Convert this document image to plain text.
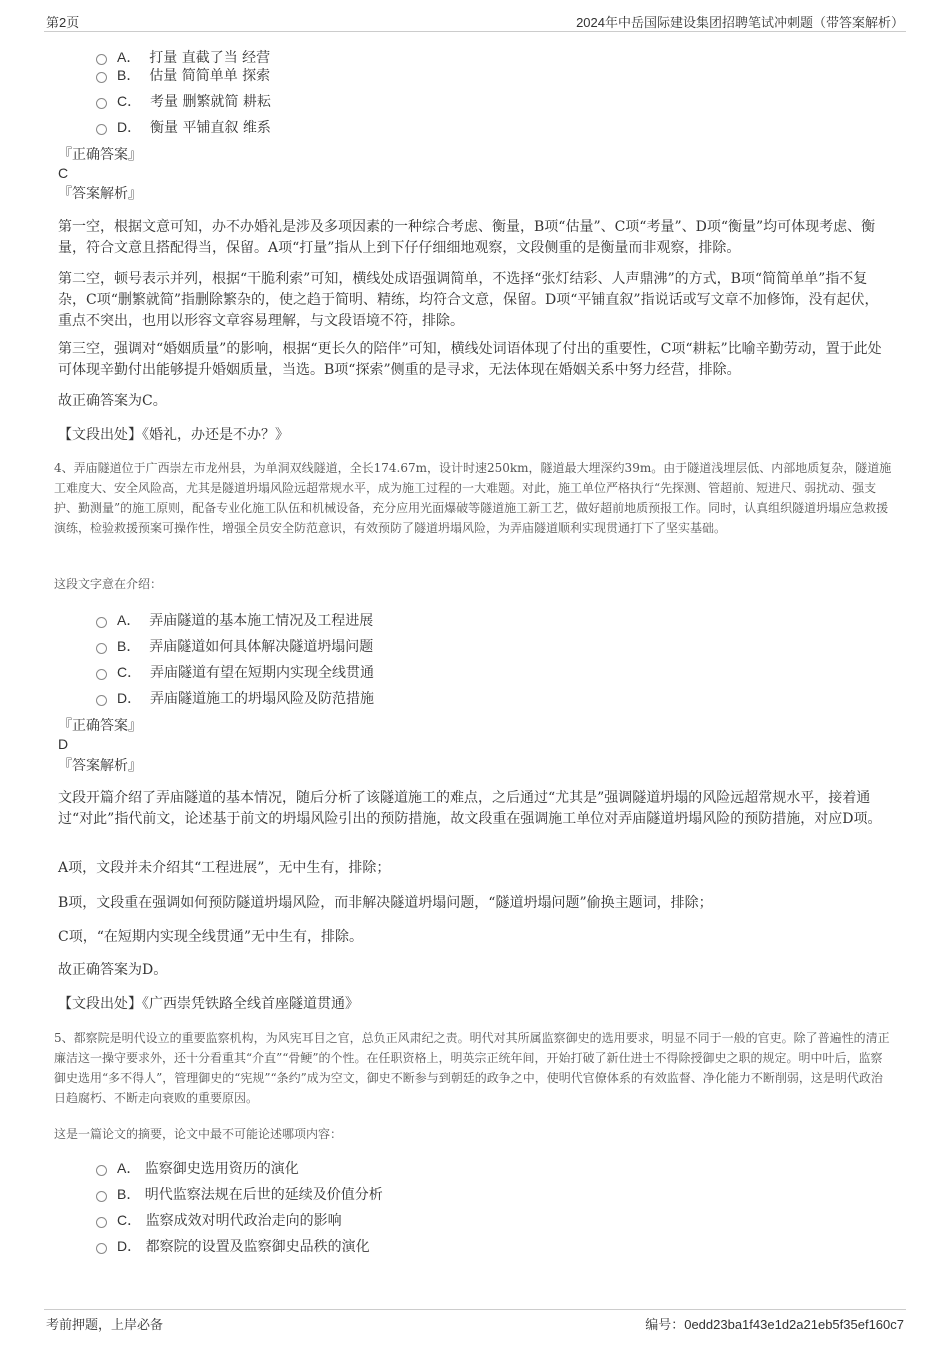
第2页	2024年中岳国际建设集团招聘笔试冲刺题（带答案解析）
A． 打量 直截了当 经营
B． 估量 简简单单 探索
C． 考量 删繁就简 耕耘
D． 衡量 平铺直叙 维系
『正确答案』
C
『答案解析』
第一空，根据文意可知，办不办婚礼是涉及多项因素的一种综合考虑、衡量，B项“估量”、C项“考量”、D项“衡量”均可体现考虑、衡量，符合文意且搭配得当，保留。A项“打量”指从上到下仔仔细细地观察，文段侧重的是衡量而非观察，排除。
第二空，顿号表示并列，根据“干脆利索”可知，横线处成语强调简单，不选择“张灯结彩、人声鼎沸”的方式，B项“简简单单”指不复杂，C项“删繁就简”指删除繁杂的，使之趋于简明、精练，均符合文意，保留。D项“平铺直叙”指说话或写文章不加修饰，没有起伏，重点不突出，也用以形容文章容易理解，与文段语境不符，排除。
第三空，强调对“婚姻质量”的影响，根据“更长久的陪伴”可知，横线处词语体现了付出的重要性，C项“耕耘”比喻辛勤劳动，置于此处可体现辛勤付出能够提升婚姻质量，当选。B项“探索”侧重的是寻求，无法体现在婚姻关系中努力经营，排除。
故正确答案为C。
【文段出处】《婚礼，办还是不办？》
4、弄庙隧道位于广西崇左市龙州县，为单洞双线隧道，全长174.67m，设计时速250km，隧道最大埋深约39m。由于隧道浅埋层低、内部地质复杂，隧道施工难度大、安全风险高，尤其是隧道坍塌风险远超常规水平，成为施工过程的一大难题。对此，施工单位严格执行“先探测、管超前、短进尺、弱扰动、强支护、勤测量”的施工原则，配备专业化施工队伍和机械设备，充分应用光面爆破等隧道施工新工艺，做好超前地质预报工作。同时，认真组织隧道坍塌应急救援演练，检验救援预案可操作性，增强全员安全防范意识，有效预防了隧道坍塌风险，为弄庙隧道顺利实现贯通打下了坚实基础。
这段文字意在介绍：
A． 弄庙隧道的基本施工情况及工程进展
B． 弄庙隧道如何具体解决隧道坍塌问题
C． 弄庙隧道有望在短期内实现全线贯通
D． 弄庙隧道施工的坍塌风险及防范措施
『正确答案』
D
『答案解析』
文段开篇介绍了弄庙隧道的基本情况，随后分析了该隧道施工的难点，之后通过“尤其是”强调隧道坍塌的风险远超常规水平，接着通过“对此”指代前文，论述基于前文的坍塌风险引出的预防措施，故文段重在强调施工单位对弄庙隧道坍塌风险的预防措施，对应D项。
A项，文段并未介绍其“工程进展”，无中生有，排除；
B项，文段重在强调如何预防隧道坍塌风险，而非解决隧道坍塌问题，“隧道坍塌问题”偷换主题词，排除；
C项，“在短期内实现全线贯通”无中生有，排除。
故正确答案为D。
【文段出处】《广西崇凭铁路全线首座隧道贯通》
5、都察院是明代设立的重要监察机构，为风宪耳目之官，总负正风肃纪之责。明代对其所属监察御史的选用要求，明显不同于一般的官吏。除了普遍性的清正廉洁这一操守要求外，还十分看重其“介直”“骨鲠”的个性。在任职资格上，明英宗正统年间，开始打破了新仕进士不得除授御史之职的规定。明中叶后，监察御史选用“多不得人”，管理御史的“宪规”“条约”成为空文，御史不断参与到朝廷的政争之中，使明代官僚体系的有效监督、净化能力不断削弱，这是明代政治日趋腐朽、不断走向衰败的重要原因。
这是一篇论文的摘要，论文中最不可能论述哪项内容：
A． 监察御史选用资历的演化
B． 明代监察法规在后世的延续及价值分析
C． 监察成效对明代政治走向的影响
D． 都察院的设置及监察御史品秩的演化
考前押题，上岸必备	编号：0edd23ba1f43e1d2a21eb5f35ef160c7
